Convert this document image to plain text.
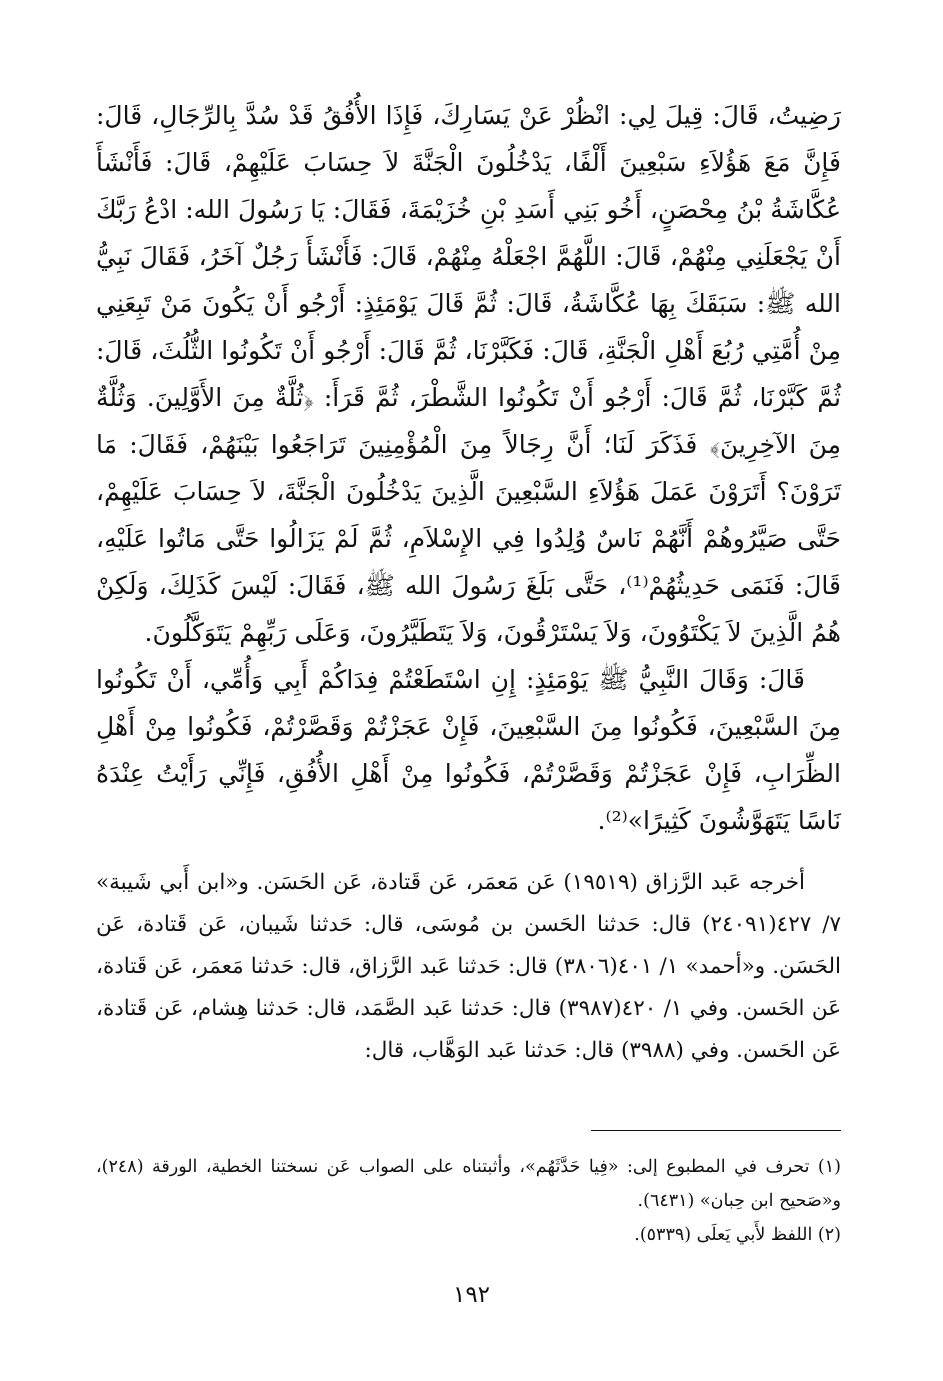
رَضِيتُ، قَالَ: قِيلَ لِي: انْظُرْ عَنْ يَسَارِكَ، فَإِذَا الأُفُقُ قَدْ سُدَّ بِالرِّجَالِ، قَالَ: فَإِنَّ مَعَ هَؤُلاَءِ سَبْعِينَ أَلْفًا، يَدْخُلُونَ الْجَنَّةَ لاَ حِسَابَ عَلَيْهِمْ، قَالَ: فَأَنْشَأَ عُكَّاشَةُ بْنُ مِحْصَنٍ، أَخُو بَنِي أَسَدِ بْنِ خُزَيْمَةَ، فَقَالَ: يَا رَسُولَ الله: ادْعُ رَبَّكَ أَنْ يَجْعَلَنِي مِنْهُمْ، قَالَ: اللَّهُمَّ اجْعَلْهُ مِنْهُمْ، قَالَ: فَأَنْشَأَ رَجُلٌ آخَرُ، فَقَالَ نَبِيُّ الله ﷺ: سَبَقَكَ بِهَا عُكَّاشَةُ، قَالَ: ثُمَّ قَالَ يَوْمَئِذٍ: أَرْجُو أَنْ يَكُونَ مَنْ تَبِعَنِي مِنْ أُمَّتِي رُبُعَ أَهْلِ الْجَنَّةِ، قَالَ: فَكَبَّرْنَا، ثُمَّ قَالَ: أَرْجُو أَنْ تَكُونُوا الثُّلُثَ، قَالَ: ثُمَّ كَبَّرْنَا، ثُمَّ قَالَ: أَرْجُو أَنْ تَكُونُوا الشَّطْرَ، ثُمَّ قَرَأَ: ﴿ثُلَّةٌ مِنَ الأَوَّلِينَ. وَثُلَّةٌ مِنَ الآخِرِينَ﴾ فَذَكَرَ لَنَا؛ أَنَّ رِجَالاً مِنَ الْمُؤْمِنِينَ تَرَاجَعُوا بَيْنَهُمْ، فَقَالَ: مَا تَرَوْنَ؟ أَتَرَوْنَ عَمَلَ هَؤُلاَءِ السَّبْعِينَ الَّذِينَ يَدْخُلُونَ الْجَنَّةَ، لاَ حِسَابَ عَلَيْهِمْ، حَتَّى صَيَّرُوهُمْ أَنَّهُمْ نَاسٌ وُلِدُوا فِي الإِسْلاَمِ، ثُمَّ لَمْ يَزَالُوا حَتَّى مَاتُوا عَلَيْهِ، قَالَ: فَنَمَى حَدِيثُهُمْ⁽¹⁾، حَتَّى بَلَغَ رَسُولَ الله ﷺ، فَقَالَ: لَيْسَ كَذَلِكَ، وَلَكِنْ هُمُ الَّذِينَ لاَ يَكْتَوُونَ، وَلاَ يَسْتَرْقُونَ، وَلاَ يَتَطَيَّرُونَ، وَعَلَى رَبِّهِمْ يَتَوَكَّلُونَ.

قَالَ: وَقَالَ النَّبِيُّ ﷺ يَوْمَئِذٍ: إِنِ اسْتَطَعْتُمْ فِدَاكُمْ أَبِي وَأُمِّي، أَنْ تَكُونُوا مِنَ السَّبْعِينَ، فَكُونُوا مِنَ السَّبْعِينَ، فَإِنْ عَجَزْتُمْ وَقَصَّرْتُمْ، فَكُونُوا مِنْ أَهْلِ الظِّرَابِ، فَإِنْ عَجَزْتُمْ وَقَصَّرْتُمْ، فَكُونُوا مِنْ أَهْلِ الأُفُقِ، فَإِنِّي رَأَيْتُ عِنْدَهُ نَاسًا يَتَهَوَّشُونَ كَثِيرًا»⁽²⁾.

أخرجه عَبد الرَّزاق (١٩٥١٩) عَن مَعمَر، عَن قَتادة، عَن الحَسَن. و«ابن أَبي شَيبة» ٧/ ٤٢٧(٢٤٠٩١) قال: حَدثنا الحَسن بن مُوسَى، قال: حَدثنا شَيبان، عَن قَتادة، عَن الحَسَن. و«أحمد» ١/ ٤٠١(٣٨٠٦) قال: حَدثنا عَبد الرَّزاق، قال: حَدثنا مَعمَر، عَن قَتادة، عَن الحَسن. وفي ١/ ٤٢٠(٣٩٨٧) قال: حَدثنا عَبد الصَّمَد، قال: حَدثنا هِشام، عَن قَتادة، عَن الحَسن. وفي (٣٩٨٨) قال: حَدثنا عَبد الوَهَّاب، قال:

(١) تحرف في المطبوع إلى: «فِيا حَدَّثَهُم»، وأثبتناه على الصواب عَن نسختنا الخطية، الورقة (٢٤٨)، و«صَحيح ابن حِبان» (٦٤٣١).

(٢) اللفظ لأَبي يَعلَى (٥٣٣٩).

١٩٢
